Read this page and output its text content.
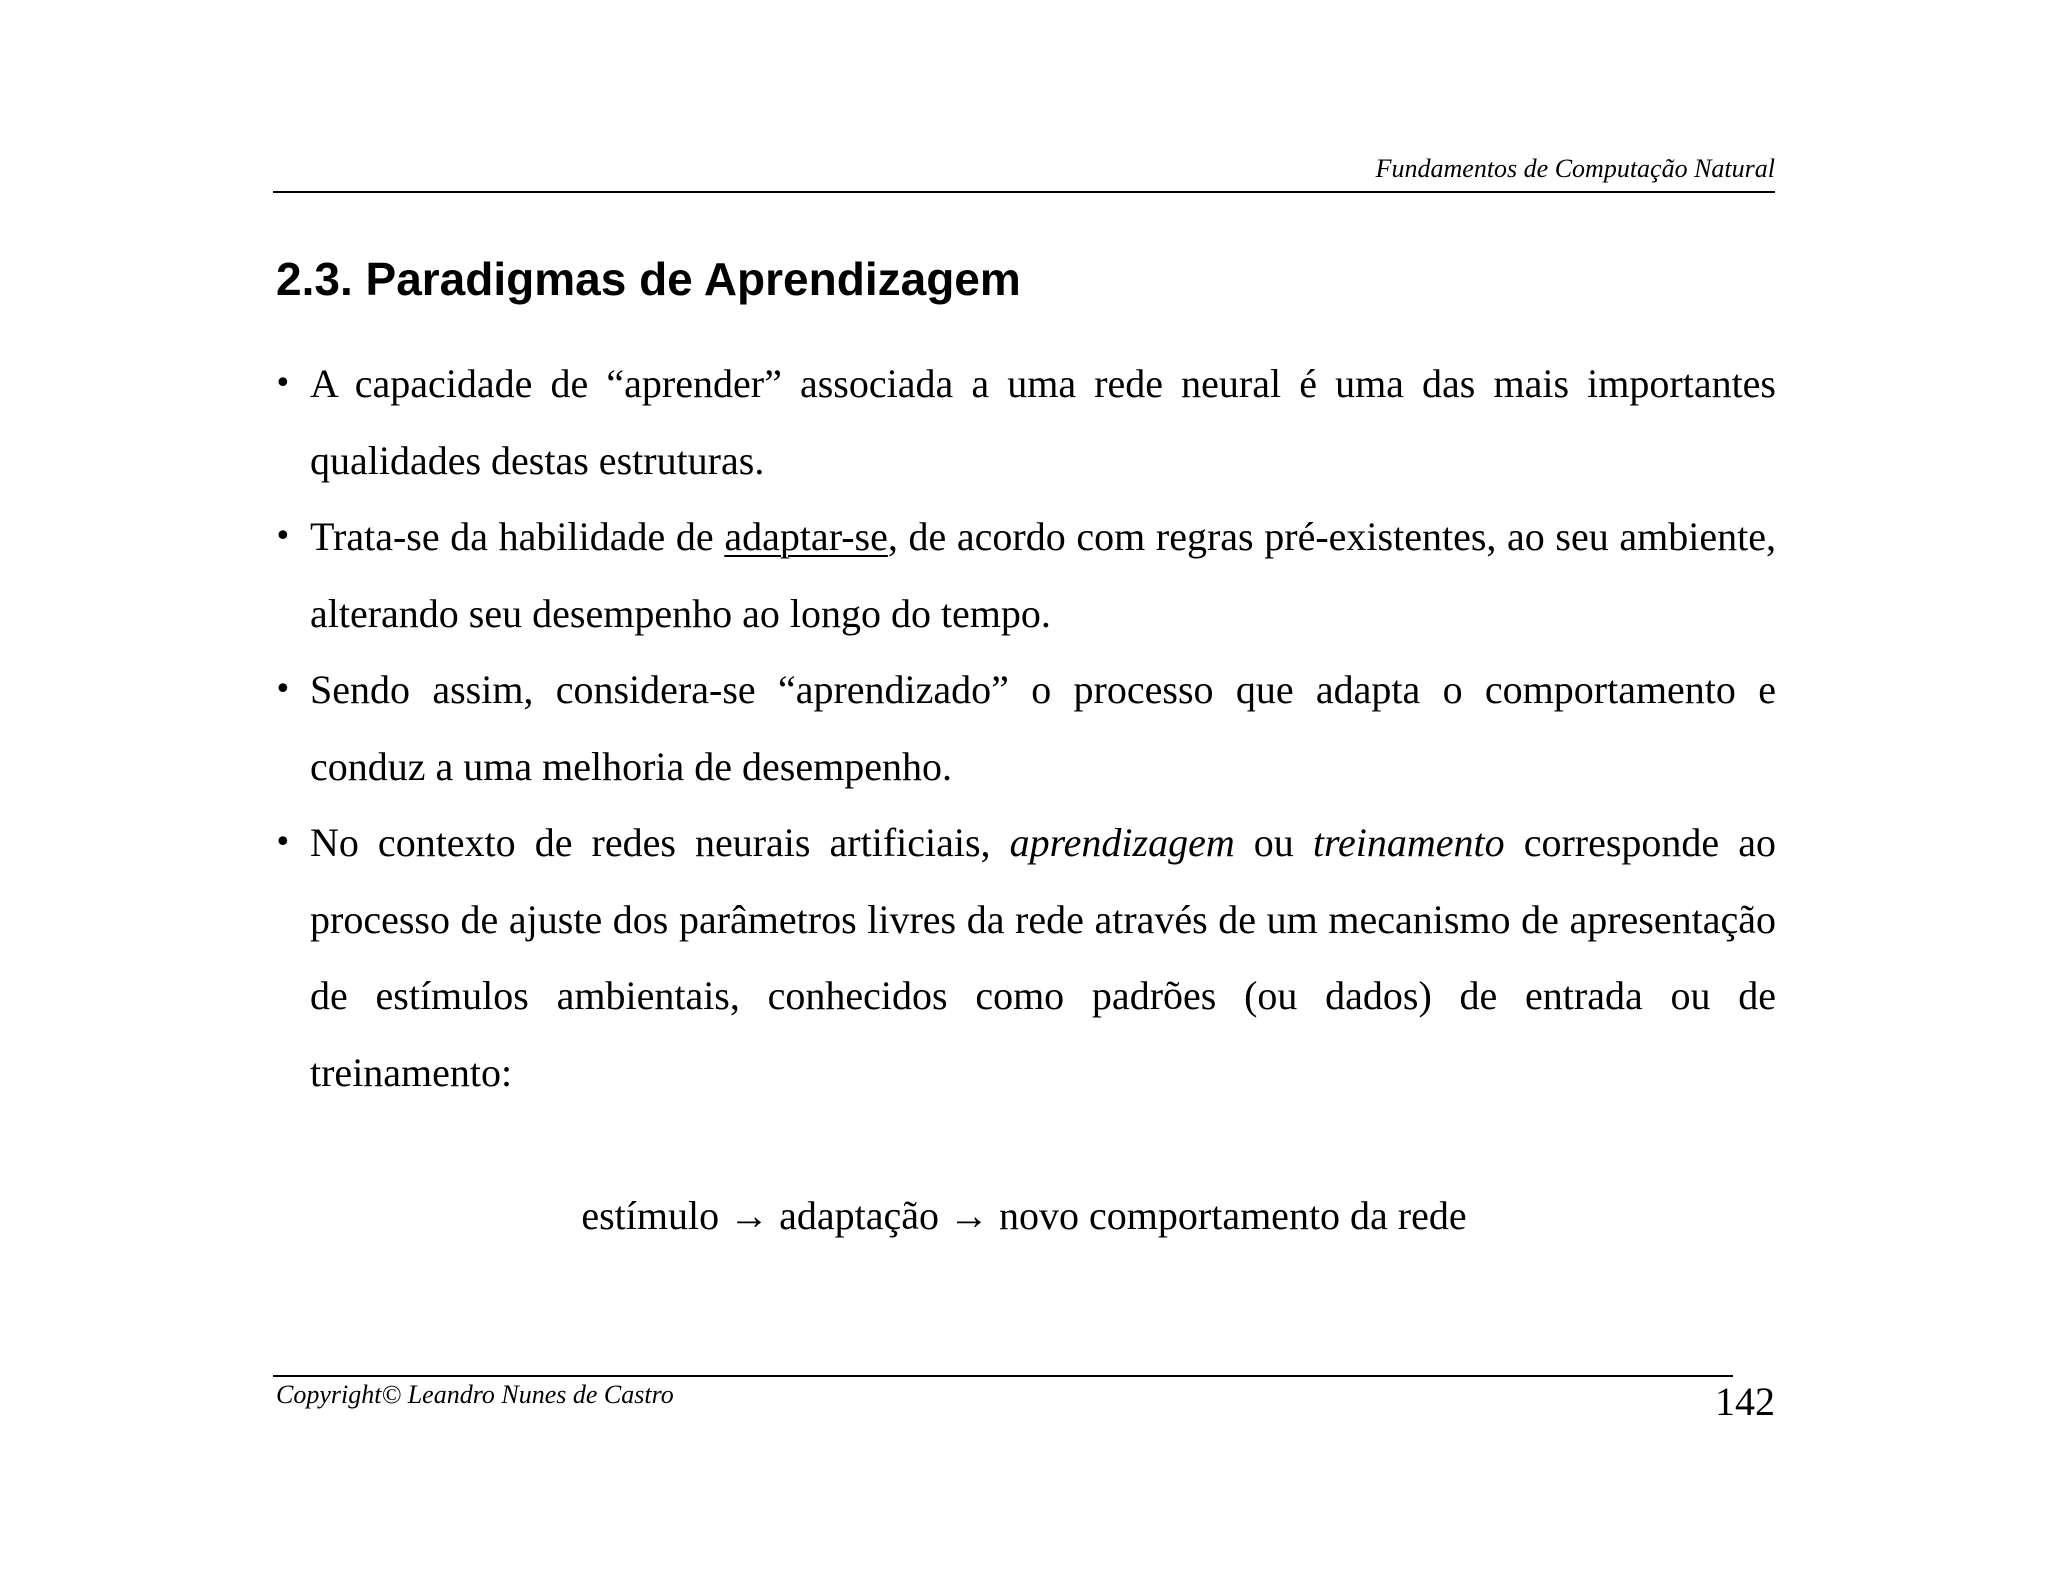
Fundamentos de Computação Natural
2.3. Paradigmas de Aprendizagem
• A capacidade de “aprender” associada a uma rede neural é uma das mais importantes qualidades destas estruturas.
• Trata-se da habilidade de adaptar-se, de acordo com regras pré-existentes, ao seu ambiente, alterando seu desempenho ao longo do tempo.
• Sendo assim, considera-se “aprendizado” o processo que adapta o comportamento e conduz a uma melhoria de desempenho.
• No contexto de redes neurais artificiais, aprendizagem ou treinamento corresponde ao processo de ajuste dos parâmetros livres da rede através de um mecanismo de apresentação de estímulos ambientais, conhecidos como padrões (ou dados) de entrada ou de treinamento:
estímulo → adaptação → novo comportamento da rede
Copyright© Leandro Nunes de Castro	142
